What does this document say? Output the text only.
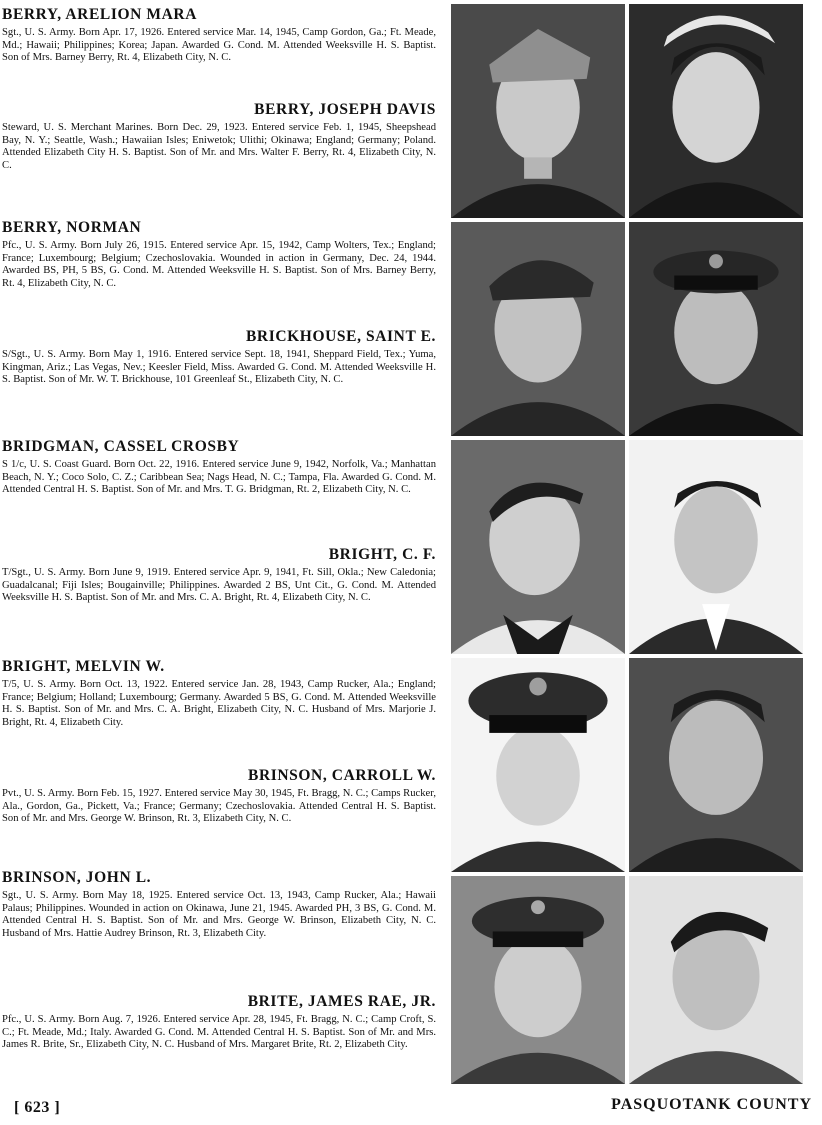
BERRY, ARELION MARA

Sgt., U. S. Army. Born Apr. 17, 1926. Entered service Mar. 14, 1945, Camp Gordon, Ga.; Ft. Meade, Md.; Hawaii; Philippines; Korea; Japan. Awarded G. Cond. M. Attended Weeksville H. S. Baptist. Son of Mrs. Barney Berry, Rt. 4, Elizabeth City, N. C.

BERRY, JOSEPH DAVIS

Steward, U. S. Merchant Marines. Born Dec. 29, 1923. Entered service Feb. 1, 1945, Sheepshead Bay, N. Y.; Seattle, Wash.; Hawaiian Isles; Eniwetok; Ulithi; Okinawa; England; Germany; Poland. Attended Elizabeth City H. S. Baptist. Son of Mr. and Mrs. Walter F. Berry, Rt. 4, Elizabeth City, N. C.

BERRY, NORMAN

Pfc., U. S. Army. Born July 26, 1915. Entered service Apr. 15, 1942, Camp Wolters, Tex.; England; France; Luxembourg; Belgium; Czechoslovakia. Wounded in action in Germany, Dec. 24, 1944. Awarded BS, PH, 5 BS, G. Cond. M. Attended Weeksville H. S. Baptist. Son of Mrs. Barney Berry, Rt. 4, Elizabeth City, N. C.

BRICKHOUSE, SAINT E.

S/Sgt., U. S. Army. Born May 1, 1916. Entered service Sept. 18, 1941, Sheppard Field, Tex.; Yuma, Kingman, Ariz.; Las Vegas, Nev.; Keesler Field, Miss. Awarded G. Cond. M. Attended Weeksville H. S. Baptist. Son of Mr. W. T. Brickhouse, 101 Greenleaf St., Elizabeth City, N. C.

BRIDGMAN, CASSEL CROSBY

S 1/c, U. S. Coast Guard. Born Oct. 22, 1916. Entered service June 9, 1942, Norfolk, Va.; Manhattan Beach, N. Y.; Coco Solo, C. Z.; Caribbean Sea; Nags Head, N. C.; Tampa, Fla. Awarded G. Cond. M. Attended Central H. S. Baptist. Son of Mr. and Mrs. T. G. Bridgman, Rt. 2, Elizabeth City, N. C.

BRIGHT, C. F.

T/Sgt., U. S. Army. Born June 9, 1919. Entered service Apr. 9, 1941, Ft. Sill, Okla.; New Caledonia; Guadalcanal; Fiji Isles; Bougainville; Philippines. Awarded 2 BS, Unt Cit., G. Cond. M. Attended Weeksville H. S. Baptist. Son of Mr. and Mrs. C. A. Bright, Rt. 4, Elizabeth City, N. C.

BRIGHT, MELVIN W.

T/5, U. S. Army. Born Oct. 13, 1922. Entered service Jan. 28, 1943, Camp Rucker, Ala.; England; France; Belgium; Holland; Luxembourg; Germany. Awarded 5 BS, G. Cond. M. Attended Weeksville H. S. Baptist. Son of Mr. and Mrs. C. A. Bright, Elizabeth City, N. C. Husband of Mrs. Marjorie J. Bright, Rt. 4, Elizabeth City.

BRINSON, CARROLL W.

Pvt., U. S. Army. Born Feb. 15, 1927. Entered service May 30, 1945, Ft. Bragg, N. C.; Camps Rucker, Ala., Gordon, Ga., Pickett, Va.; France; Germany; Czechoslovakia. Attended Central H. S. Baptist. Son of Mr. and Mrs. George W. Brinson, Rt. 3, Elizabeth City, N. C.

BRINSON, JOHN L.

Sgt., U. S. Army. Born May 18, 1925. Entered service Oct. 13, 1943, Camp Rucker, Ala.; Hawaii Palaus; Philippines. Wounded in action on Okinawa, June 21, 1945. Awarded PH, 3 BS, G. Cond. M. Attended Central H. S. Baptist. Son of Mr. and Mrs. George W. Brinson, Elizabeth City, N. C. Husband of Mrs. Hattie Audrey Brinson, Rt. 3, Elizabeth City.

BRITE, JAMES RAE, JR.

Pfc., U. S. Army. Born Aug. 7, 1926. Entered service Apr. 28, 1945, Ft. Bragg, N. C.; Camp Croft, S. C.; Ft. Meade, Md.; Italy. Awarded G. Cond. M. Attended Central H. S. Baptist. Son of Mr. and Mrs. James R. Brite, Sr., Elizabeth City, N. C. Husband of Mrs. Margaret Brite, Rt. 2, Elizabeth City.

[ 623 ]	PASQUOTANK COUNTY
